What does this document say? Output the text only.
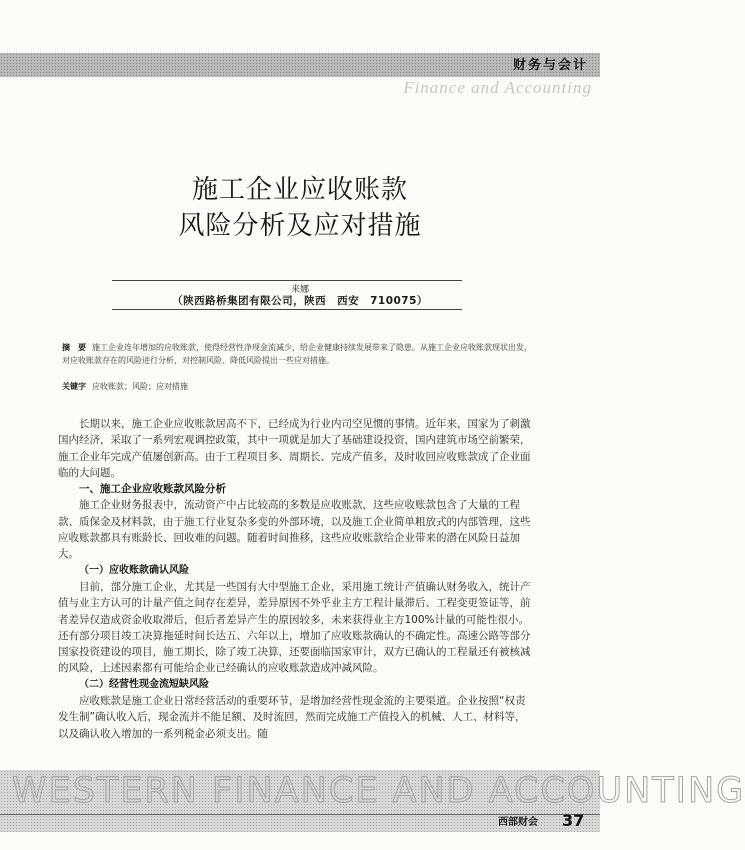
财务与会计
Finance and Accounting
施工企业应收账款
风险分析及应对措施
来娜
（陕西路桥集团有限公司，陕西　西安　710075）
摘　要 施工企业连年增加的应收账款，使得经营性净现金流减少，给企业健康持续发展带来了隐患。从施工企业应收账款现状出发，对应收账款存在的风险进行分析，对控制风险、降低风险提出一些应对措施。
关键字 应收账款；风险；应对措施

长期以来，施工企业应收账款居高不下，已经成为行业内司空见惯的事情。近年来，国家为了刺激国内经济，采取了一系列宏观调控政策，其中一项就是加大了基础建设投资，国内建筑市场空前繁荣，施工企业年完成产值屡创新高。由于工程项目多、周期长、完成产值多，及时收回应收账款成了企业面临的大问题。

一、施工企业应收账款风险分析

施工企业财务报表中，流动资产中占比较高的多数是应收账款，这些应收账款包含了大量的工程款、质保金及材料款，由于施工行业复杂多变的外部环境，以及施工企业简单粗放式的内部管理，这些应收账款都具有账龄长、回收难的问题。随着时间推移，这些应收账款给企业带来的潜在风险日益加大。

（一）应收账款确认风险

目前，部分施工企业，尤其是一些国有大中型施工企业，采用施工统计产值确认财务收入，统计产值与业主方认可的计量产值之间存在差异，差异原因不外乎业主方工程计量滞后、工程变更签证等，前者差异仅造成资金收取滞后，但后者差异产生的原因较多，未来获得业主方100%计量的可能性很小。还有部分项目竣工决算拖延时间长达五、六年以上，增加了应收账款确认的不确定性。高速公路等部分国家投资建设的项目，施工期长，除了竣工决算，还要面临国家审计，双方已确认的工程量还有被核减的风险，上述因素都有可能给企业已经确认的应收账款造成冲减风险。

（二）经营性现金流短缺风险

应收账款是施工企业日常经营活动的重要环节，是增加经营性现金流的主要渠道。企业按照“权责发生制”确认收入后，现金流并不能足额、及时流回，然而完成施工产值投入的机械、人工、材料等，以及确认收入增加的一系列税金必须支出。随

WESTERN FINANCE AND ACCOUNTING
西部财会 37
